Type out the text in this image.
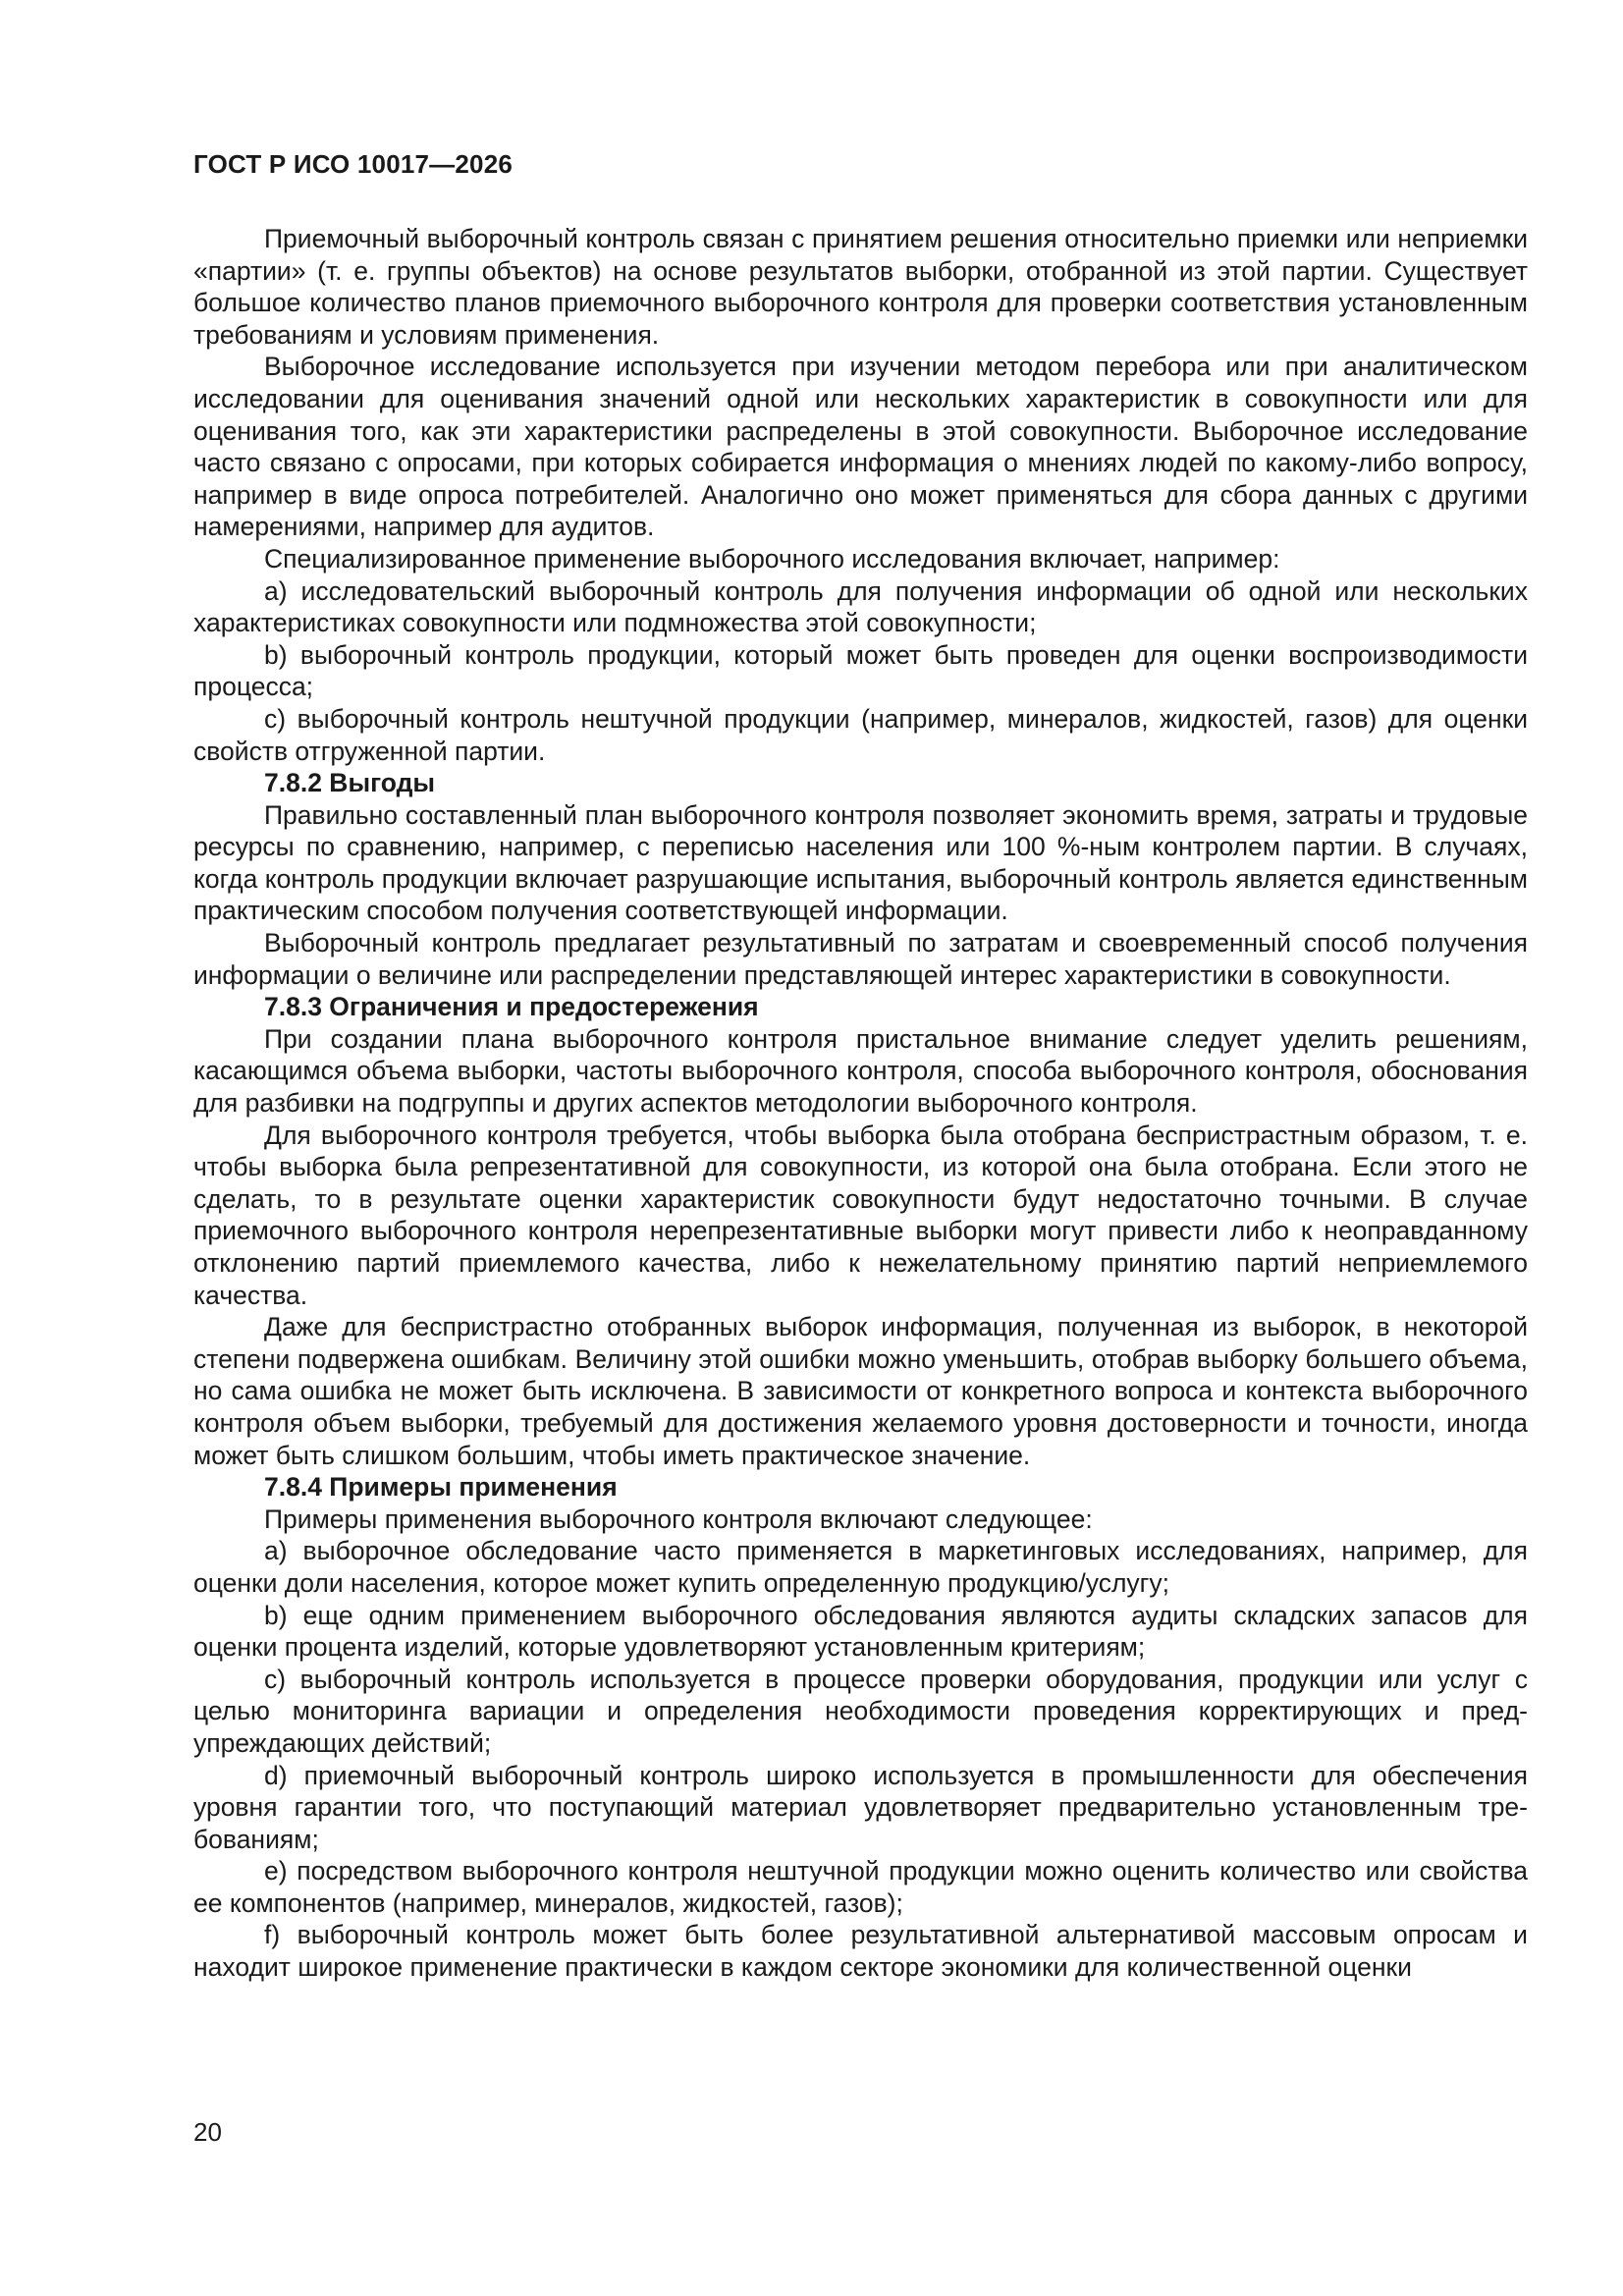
ГОСТ Р ИСО 10017—2026

Приемочный выборочный контроль связан с принятием решения относительно приемки или неприемки «партии» (т. е. группы объектов) на основе результатов выборки, отобранной из этой партии. Существует большое количество планов приемочного выборочного контроля для проверки соответствия установленным требованиям и условиям применения.

Выборочное исследование используется при изучении методом перебора или при аналитическом исследовании для оценивания значений одной или нескольких характеристик в совокупности или для оценивания того, как эти характеристики распределены в этой совокупности. Выборочное исследование часто связано с опросами, при которых собирается информация о мнениях людей по какому-либо вопросу, например в виде опроса потребителей. Аналогично оно может применяться для сбора данных с другими намерениями, например для аудитов.

Специализированное применение выборочного исследования включает, например:

a) исследовательский выборочный контроль для получения информации об одной или нескольких характеристиках совокупности или подмножества этой совокупности;

b) выборочный контроль продукции, который может быть проведен для оценки воспроизводимости процесса;

c) выборочный контроль нештучной продукции (например, минералов, жидкостей, газов) для оценки свойств отгруженной партии.

7.8.2 Выгоды

Правильно составленный план выборочного контроля позволяет экономить время, затраты и трудовые ресурсы по сравнению, например, с переписью населения или 100 %-ным контролем партии. В случаях, когда контроль продукции включает разрушающие испытания, выборочный контроль является единственным практическим способом получения соответствующей информации.

Выборочный контроль предлагает результативный по затратам и своевременный способ получения информации о величине или распределении представляющей интерес характеристики в совокупности.

7.8.3 Ограничения и предостережения

При создании плана выборочного контроля пристальное внимание следует уделить решениям, касающимся объема выборки, частоты выборочного контроля, способа выборочного контроля, обоснования для разбивки на подгруппы и других аспектов методологии выборочного контроля.

Для выборочного контроля требуется, чтобы выборка была отобрана беспристрастным образом, т. е. чтобы выборка была репрезентативной для совокупности, из которой она была отобрана. Если этого не сделать, то в результате оценки характеристик совокупности будут недостаточно точными. В случае приемочного выборочного контроля нерепрезентативные выборки могут привести либо к неоправданному отклонению партий приемлемого качества, либо к нежелательному принятию партий неприемлемого качества.

Даже для беспристрастно отобранных выборок информация, полученная из выборок, в некоторой степени подвержена ошибкам. Величину этой ошибки можно уменьшить, отобрав выборку большего объема, но сама ошибка не может быть исключена. В зависимости от конкретного вопроса и контекста выборочного контроля объем выборки, требуемый для достижения желаемого уровня достоверности и точности, иногда может быть слишком большим, чтобы иметь практическое значение.

7.8.4 Примеры применения

Примеры применения выборочного контроля включают следующее:

a) выборочное обследование часто применяется в маркетинговых исследованиях, например, для оценки доли населения, которое может купить определенную продукцию/услугу;

b) еще одним применением выборочного обследования являются аудиты складских запасов для оценки процента изделий, которые удовлетворяют установленным критериям;

c) выборочный контроль используется в процессе проверки оборудования, продукции или услуг с целью мониторинга вариации и определения необходимости проведения корректирующих и предупреждающих действий;

d) приемочный выборочный контроль широко используется в промышленности для обеспечения уровня гарантии того, что поступающий материал удовлетворяет предварительно установленным требованиям;

e) посредством выборочного контроля нештучной продукции можно оценить количество или свойства ее компонентов (например, минералов, жидкостей, газов);

f) выборочный контроль может быть более результативной альтернативой массовым опросам и находит широкое применение практически в каждом секторе экономики для количественной оценки

20
